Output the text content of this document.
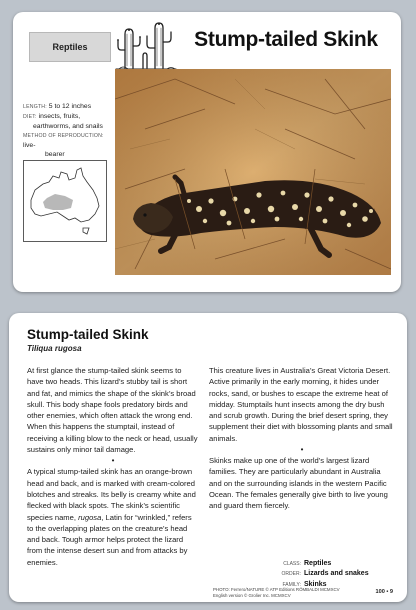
Reptiles	Stump-tailed Skink
LENGTH: 5 to 12 inches
DIET: insects, fruits,
earthworms, and snails
METHOD OF REPRODUCTION: live-
bearer
Stump-tailed Skink
Tiliqua rugosa

At first glance the stump-tailed skink seems to have two heads. This lizard’s stubby tail is short and fat, and mimics the shape of the skink’s broad skull. This body shape fools predatory birds and other enemies, which often attack the wrong end. When this happens the stumptail, instead of receiving a killing blow to the neck or head, usually sustains only minor tail damage.

•

A typical stump-tailed skink has an orange-brown head and back, and is marked with cream-colored blotches and streaks. Its belly is creamy white and flecked with black spots. The skink’s scientific species name, rugosa, Latin for “wrinkled,” refers to the overlapping plates on the creature’s head and back. Tough armor helps protect the lizard from the intense desert sun and from attacks by enemies.

This creature lives in Australia’s Great Victoria Desert. Active primarily in the early morning, it hides under rocks, sand, or bushes to escape the extreme heat of midday. Stumptails hunt insects among the dry bush and scrub growth. During the brief desert spring, they supplement their diet with blossoming plants and small animals.

•

Skinks make up one of the world’s largest lizard families. They are particularly abundant in Australia and on the surrounding islands in the western Pacific Ocean. The females generally give birth to live young and guard them fiercely.

CLASS: Reptiles
ORDER: Lizards and snakes
FAMILY: Skinks
PHOTO: Ferrero/NATURE © ATP Editions RÖMBALDI MCMXCV
English version © Grolier Inc. MCMXCV
100 • 9
